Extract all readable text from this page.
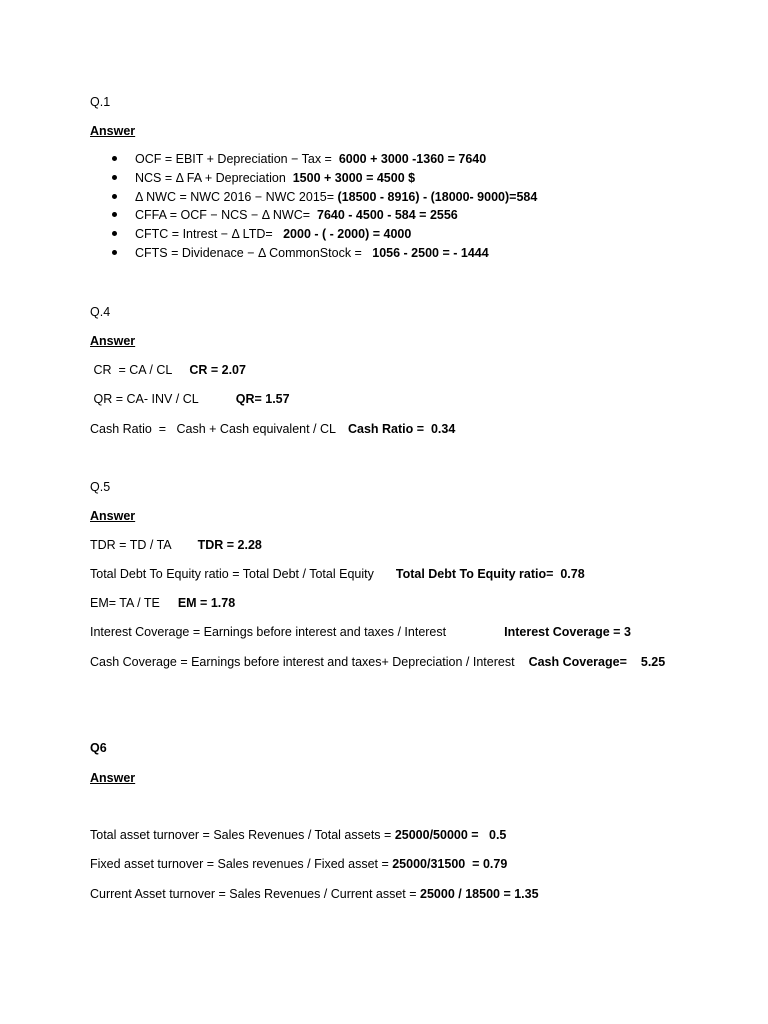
Q.1
Answer
OCF = EBIT + Depreciation − Tax =  6000 + 3000 -1360 = 7640
NCS = Δ FA + Depreciation  1500 + 3000 = 4500 $
Δ NWC = NWC 2016 − NWC 2015= (18500 - 8916) - (18000- 9000)=584
CFFA = OCF − NCS − Δ NWC=  7640 - 4500 - 584 = 2556
CFTC = Intrest − Δ LTD=   2000 - ( - 2000) = 4000
CFTS = Dividenace − Δ CommonStock =   1056 - 2500 = - 1444
Q.4
Answer
CR  = CA / CL CR = 2.07
QR = CA- INV / CL	QR= 1.57
Cash Ratio  =   Cash + Cash equivalent / CL Cash Ratio =  0.34
Q.5
Answer
TDR = TD / TA TDR = 2.28
Total Debt To Equity ratio = Total Debt / Total Equity Total Debt To Equity ratio=  0.78
EM= TA / TE EM = 1.78
Interest Coverage = Earnings before interest and taxes / Interest	Interest Coverage = 3
Cash Coverage = Earnings before interest and taxes+ Depreciation / Interest Cash Coverage= 5.25
Q6
Answer
Total asset turnover = Sales Revenues / Total assets = 25000/50000 =   0.5
Fixed asset turnover = Sales revenues / Fixed asset = 25000/31500  = 0.79
Current Asset turnover = Sales Revenues / Current asset = 25000 / 18500 = 1.35
